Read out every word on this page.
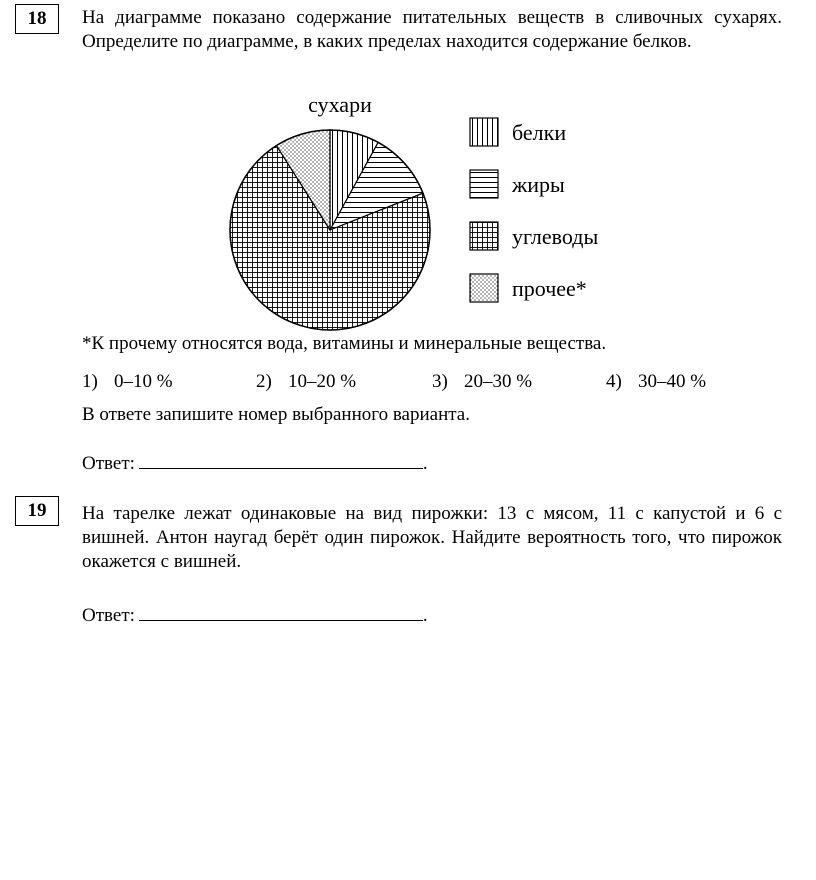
18	На диаграмме показано содержание питательных веществ в сливочных сухарях. Определите по диаграмме, в каких пределах находится содержание белков.
сухари
белки
жиры
углеводы
прочее*
*К прочему относятся вода, витамины и минеральные вещества.
1) 0–10 %	2) 10–20 %	3) 20–30 %	4) 30–40 %
В ответе запишите номер выбранного варианта.
Ответ:	.
19	На тарелке лежат одинаковые на вид пирожки: 13 с мясом, 11 с капустой и 6 с вишней. Антон наугад берёт один пирожок. Найдите вероятность того, что пирожок окажется с вишней.
Ответ:	.
